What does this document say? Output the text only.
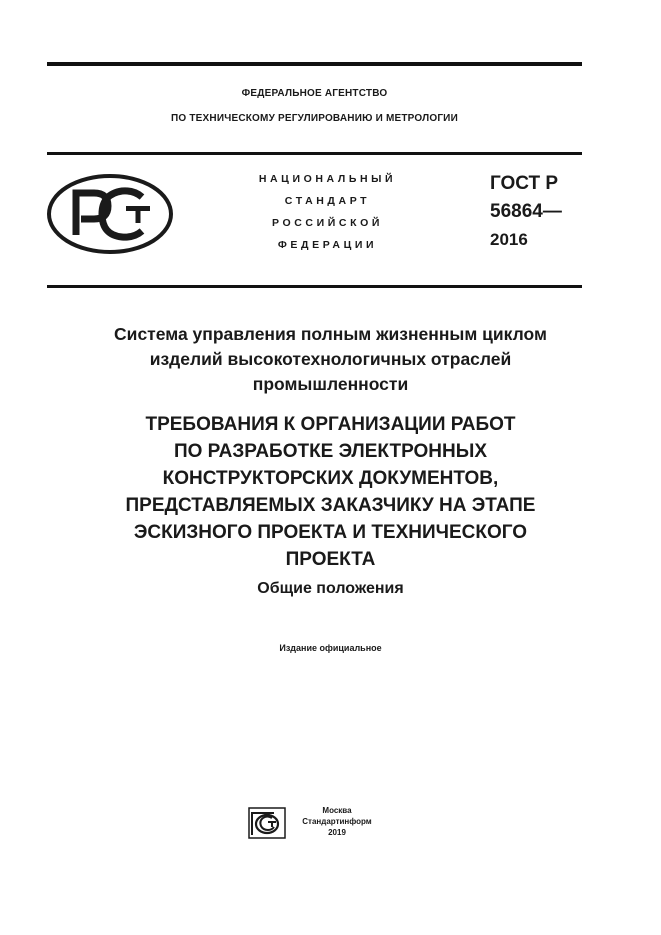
ФЕДЕРАЛЬНОЕ АГЕНТСТВО
ПО ТЕХНИЧЕСКОМУ РЕГУЛИРОВАНИЮ И МЕТРОЛОГИИ
НАЦИОНАЛЬНЫЙ
СТАНДАРТ
РОССИЙСКОЙ
ФЕДЕРАЦИИ
ГОСТ Р
56864—
2016
Система управления полным жизненным циклом
изделий высокотехнологичных отраслей
промышленности
ТРЕБОВАНИЯ К ОРГАНИЗАЦИИ РАБОТ
ПО РАЗРАБОТКЕ ЭЛЕКТРОННЫХ
КОНСТРУКТОРСКИХ ДОКУМЕНТОВ,
ПРЕДСТАВЛЯЕМЫХ ЗАКАЗЧИКУ НА ЭТАПЕ
ЭСКИЗНОГО ПРОЕКТА И ТЕХНИЧЕСКОГО
ПРОЕКТА
Общие положения
Издание официальное
Москва
Стандартинформ
2019
